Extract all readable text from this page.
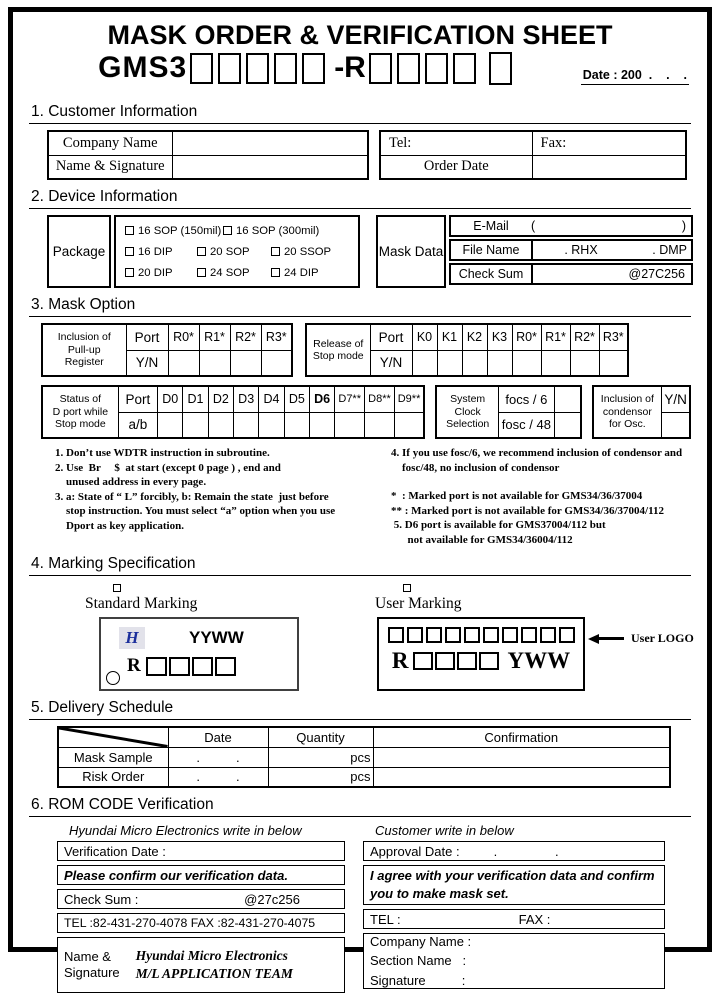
MASK ORDER & VERIFICATION SHEET
GMS3	-R	Date : 200  .    .    .
1. Customer Information
Company Name	
Name & Signature	
Tel:	Fax:
Order Date	
2. Device Information
Package
16 SOP (150mil) 16 SOP (300mil)
16 DIP	20 SOP	20 SSOP
20 DIP	24 SOP	24 DIP
Mask Data
E-Mail	(	)
File Name	. RHX	. DMP
Check Sum	@27C256
3. Mask Option
Inclusion of
Pull-up
Register	Port	R0*	R1*	R2*	R3*
	Y/N				
Release of
Stop mode	Port	K0	K1	K2	K3	R0*	R1*	R2*	R3*
	Y/N								
Status of
D port while
Stop mode	Port	D0	D1	D2	D3	D4	D5	D6	D7**	D8**	D9**
	a/b										
System
Clock
Selection	focs / 6	
	fosc / 48	
Inclusion of
condensor
for Osc.	Y/N

1. Don’t use WDTR instruction in subroutine.
2. Use  Br     $  at start (except 0 page ) , end and
unused address in every page.
3. a: State of “ L” forcibly, b: Remain the state  just before
stop instruction. You must select “a” option when you use
Dport as key application.
4. If you use fosc/6, we recommend inclusion of condensor and
fosc/48, no inclusion of condensor
*  : Marked port is not available for GMS34/36/37004
** : Marked port is not available for GMS34/36/37004/112
5. D6 port is available for GMS37004/112 but
not available for GMS34/36004/112
4. Marking Specification
Standard Marking
H	YYWW
R
User Marking
R	YWW
User LOGO
5. Delivery Schedule
	Date	Quantity	Confirmation
Mask Sample	.          .	pcs	
Risk Order	.          .	pcs	
6. ROM CODE Verification
Hyundai Micro Electronics write in below
Verification Date :
Please confirm our verification data.
Check Sum :	@27c256
TEL :82-431-270-4078 FAX :82-431-270-4075
Name &
Signature
Hyundai Micro Electronics
M/L APPLICATION TEAM
Customer write in below
Approval Date :	.                .
I agree with your verification data and confirm
you to make mask set.
TEL :	FAX :
Company Name :
Section Name   :
Signature          :
